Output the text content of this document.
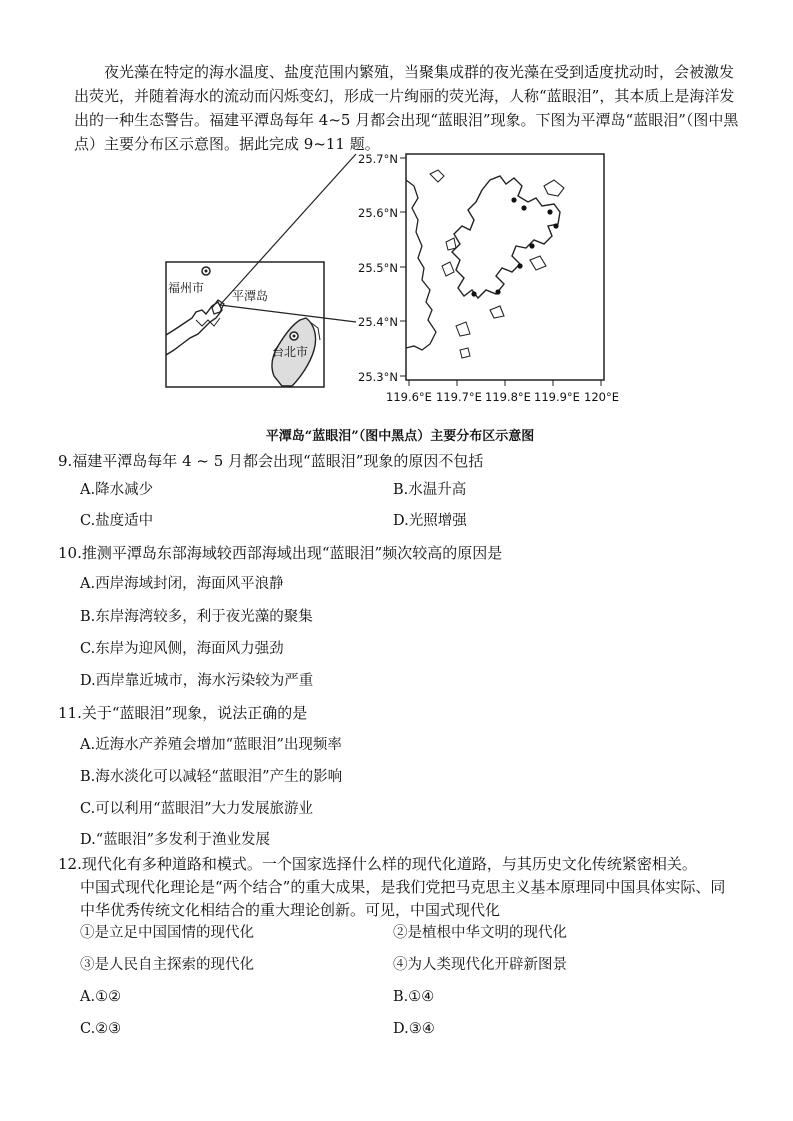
夜光藻在特定的海水温度、盐度范围内繁殖，当聚集成群的夜光藻在受到适度扰动时，会被激发出荧光，并随着海水的流动而闪烁变幻，形成一片绚丽的荧光海，人称“蓝眼泪”，其本质上是海洋发出的一种生态警告。福建平潭岛每年 4~5 月都会出现“蓝眼泪”现象。下图为平潭岛“蓝眼泪”（图中黑点）主要分布区示意图。据此完成 9~11 题。
福州市
平潭岛
台北市
25.7°N
25.6°N
25.5°N
25.4°N
25.3°N
119.6°E 119.7°E 119.8°E 119.9°E 120°E
平潭岛“蓝眼泪”（图中黑点）主要分布区示意图
9.福建平潭岛每年 4 ~ 5 月都会出现“蓝眼泪”现象的原因不包括
A.降水减少	B.水温升高
C.盐度适中	D.光照增强
10.推测平潭岛东部海域较西部海域出现“蓝眼泪”频次较高的原因是
A.西岸海域封闭，海面风平浪静
B.东岸海湾较多，利于夜光藻的聚集
C.东岸为迎风侧，海面风力强劲
D.西岸靠近城市，海水污染较为严重
11.关于“蓝眼泪”现象，说法正确的是
A.近海水产养殖会增加“蓝眼泪”出现频率
B.海水淡化可以减轻“蓝眼泪”产生的影响
C.可以利用“蓝眼泪”大力发展旅游业
D.“蓝眼泪”多发利于渔业发展
12.现代化有多种道路和模式。一个国家选择什么样的现代化道路，与其历史文化传统紧密相关。
中国式现代化理论是“两个结合”的重大成果，是我们党把马克思主义基本原理同中国具体实际、同中华优秀传统文化相结合的重大理论创新。可见，中国式现代化
①是立足中国国情的现代化	②是植根中华文明的现代化
③是人民自主探索的现代化	④为人类现代化开辟新图景
A.①②	B.①④
C.②③	D.③④
